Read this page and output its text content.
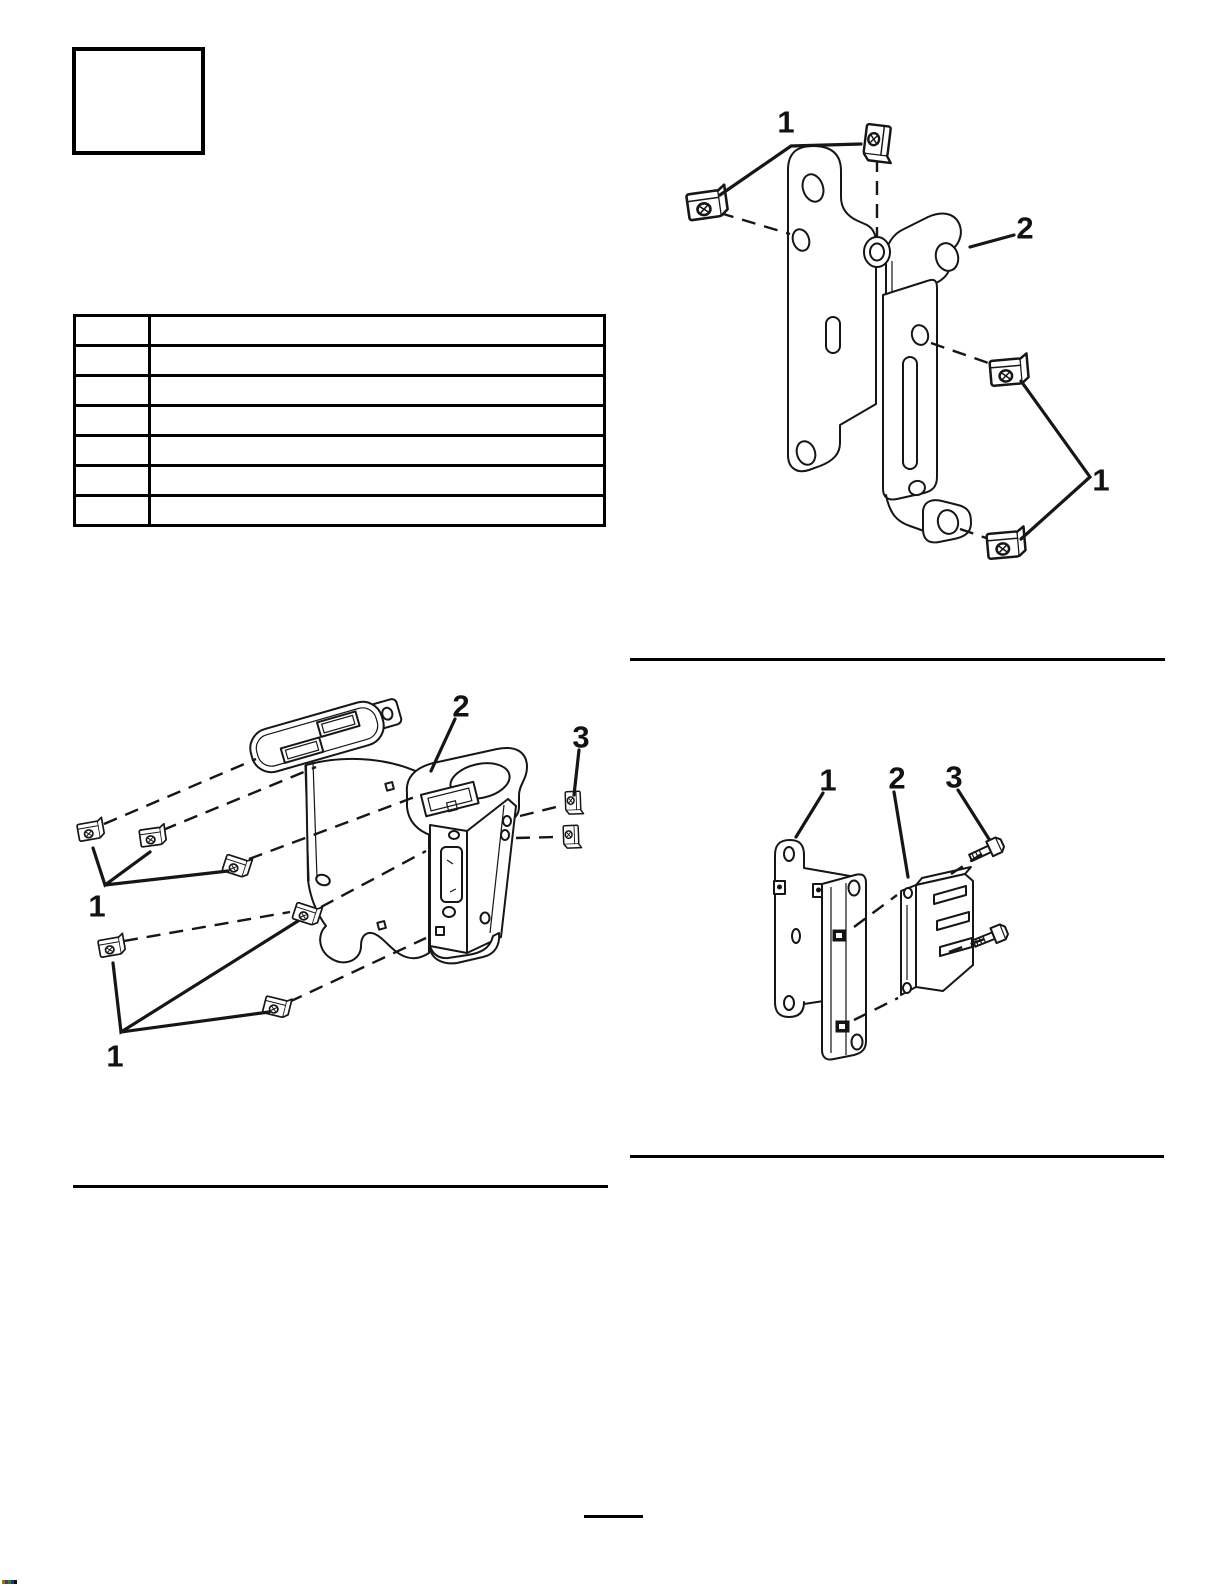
1
2
1
2
3
1
1
1 2 3
